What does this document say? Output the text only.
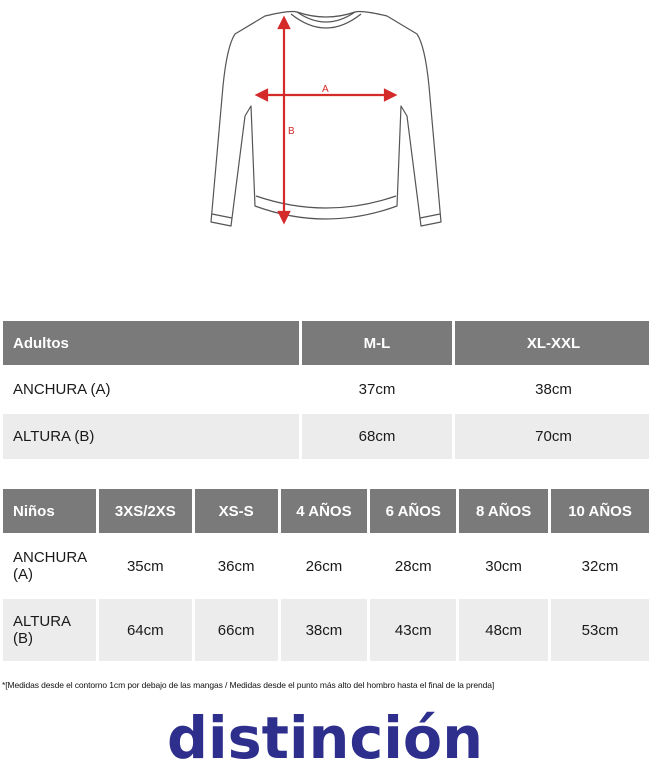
A
B
Adultos	M-L	XL-XXL
ANCHURA (A)	37cm	38cm
ALTURA (B)	68cm	70cm
Niños	3XS/2XS	XS-S	4 AÑOS	6 AÑOS	8 AÑOS	10 AÑOS
ANCHURA (A)	35cm	36cm	26cm	28cm	30cm	32cm
ALTURA (B)	64cm	66cm	38cm	43cm	48cm	53cm
*[Medidas desde el contorno 1cm por debajo de las mangas / Medidas desde el punto más alto del hombro hasta el final de la prenda]
distinción
